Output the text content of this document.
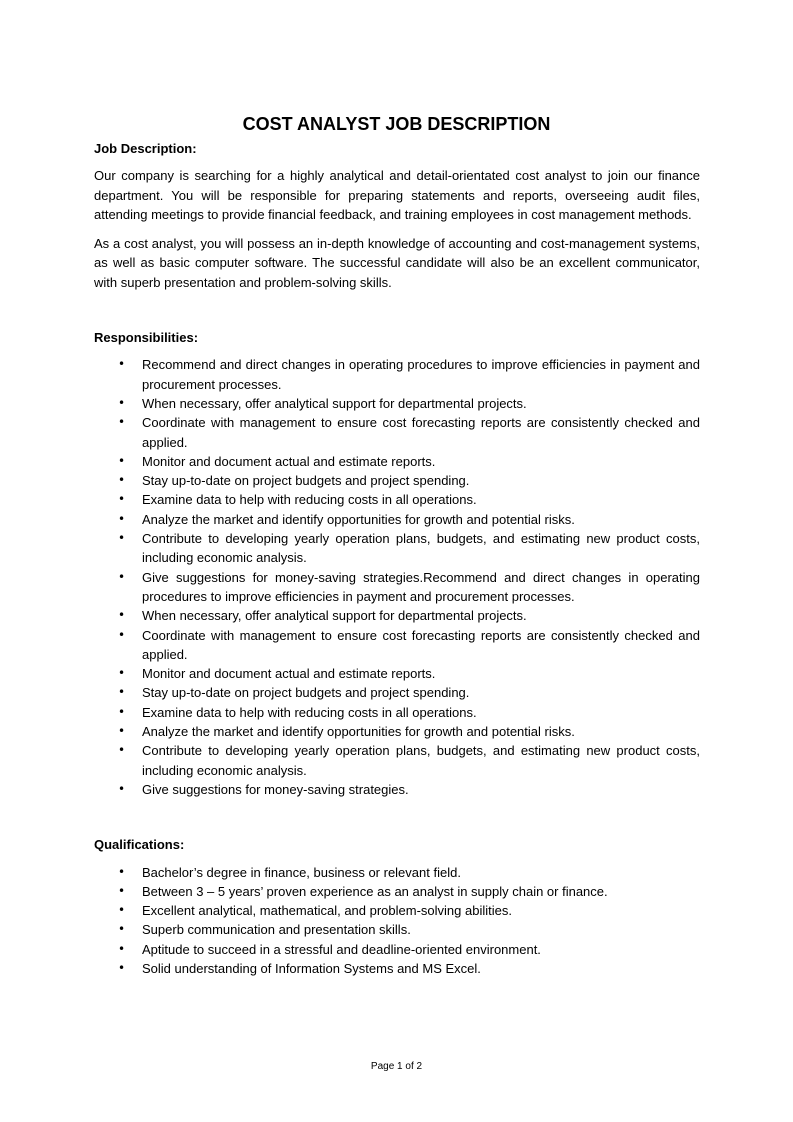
COST ANALYST JOB DESCRIPTION

Job Description:

Our company is searching for a highly analytical and detail-orientated cost analyst to join our finance department. You will be responsible for preparing statements and reports, overseeing audit files, attending meetings to provide financial feedback, and training employees in cost management methods.

As a cost analyst, you will possess an in-depth knowledge of accounting and cost-management systems, as well as basic computer software. The successful candidate will also be an excellent communicator, with superb presentation and problem-solving skills.

Responsibilities:

• Recommend and direct changes in operating procedures to improve efficiencies in payment and procurement processes.
• When necessary, offer analytical support for departmental projects.
• Coordinate with management to ensure cost forecasting reports are consistently checked and applied.
• Monitor and document actual and estimate reports.
• Stay up-to-date on project budgets and project spending.
• Examine data to help with reducing costs in all operations.
• Analyze the market and identify opportunities for growth and potential risks.
• Contribute to developing yearly operation plans, budgets, and estimating new product costs, including economic analysis.
• Give suggestions for money-saving strategies.Recommend and direct changes in operating procedures to improve efficiencies in payment and procurement processes.
• When necessary, offer analytical support for departmental projects.
• Coordinate with management to ensure cost forecasting reports are consistently checked and applied.
• Monitor and document actual and estimate reports.
• Stay up-to-date on project budgets and project spending.
• Examine data to help with reducing costs in all operations.
• Analyze the market and identify opportunities for growth and potential risks.
• Contribute to developing yearly operation plans, budgets, and estimating new product costs, including economic analysis.
• Give suggestions for money-saving strategies.

Qualifications:

• Bachelor’s degree in finance, business or relevant field.
• Between 3 – 5 years’ proven experience as an analyst in supply chain or finance.
• Excellent analytical, mathematical, and problem-solving abilities.
• Superb communication and presentation skills.
• Aptitude to succeed in a stressful and deadline-oriented environment.
• Solid understanding of Information Systems and MS Excel.
Page 1 of 2
